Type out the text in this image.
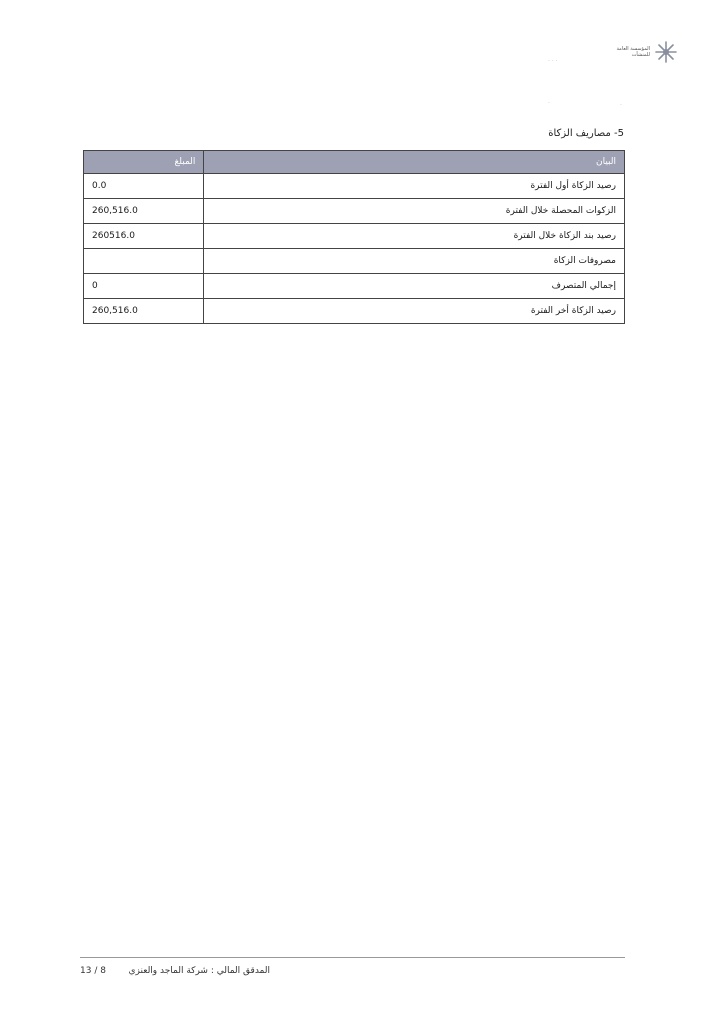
المؤسسة العامة
للمنشآت
· · ·
·	·
5- مصاريف الزكاة
البيان	المبلغ
رصيد الزكاة أول الفترة	0.0
الزكوات المحصلة خلال الفترة	260,516.0
رصيد بند الزكاة خلال الفترة	260516.0
مصروفات الزكاة	
إجمالي المتصرف	0
رصيد الزكاة أخر الفترة	260,516.0
المدقق المالي : شركة الماجد والعنزي
13 / 8
